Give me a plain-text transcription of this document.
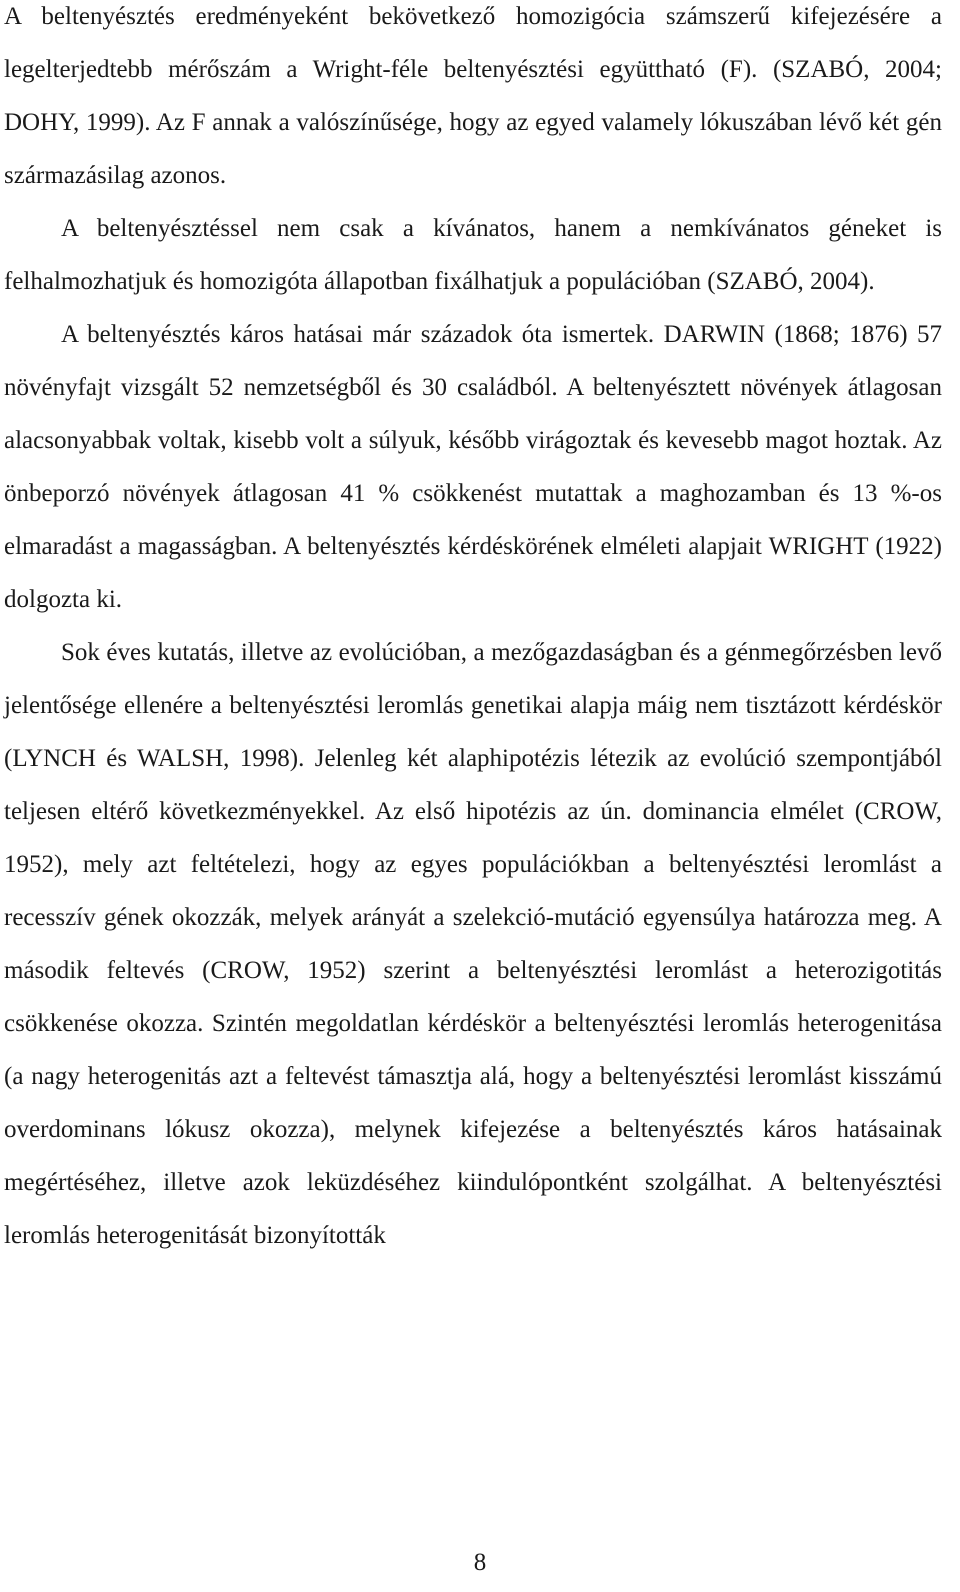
A beltenyésztés eredményeként bekövetkező homozigócia számszerű kifejezésére a legelterjedtebb mérőszám a Wright-féle beltenyésztési együttható (F). (SZABÓ, 2004; DOHY, 1999). Az F annak a valószínűsége, hogy az egyed valamely lókuszában lévő két gén származásilag azonos.

A beltenyésztéssel nem csak a kívánatos, hanem a nemkívánatos géneket is felhalmozhatjuk és homozigóta állapotban fixálhatjuk a populációban (SZABÓ, 2004).

A beltenyésztés káros hatásai már századok óta ismertek. DARWIN (1868; 1876) 57 növényfajt vizsgált 52 nemzetségből és 30 családból. A beltenyésztett növények átlagosan alacsonyabbak voltak, kisebb volt a súlyuk, később virágoztak és kevesebb magot hoztak. Az önbeporzó növények átlagosan 41 % csökkenést mutattak a maghozamban és 13 %-os elmaradást a magasságban. A beltenyésztés kérdéskörének elméleti alapjait WRIGHT (1922) dolgozta ki.

Sok éves kutatás, illetve az evolúcióban, a mezőgazdaságban és a génmegőrzésben levő jelentősége ellenére a beltenyésztési leromlás genetikai alapja máig nem tisztázott kérdéskör (LYNCH és WALSH, 1998). Jelenleg két alaphipotézis létezik az evolúció szempontjából teljesen eltérő következményekkel. Az első hipotézis az ún. dominancia elmélet (CROW, 1952), mely azt feltételezi, hogy az egyes populációkban a beltenyésztési leromlást a recesszív gének okozzák, melyek arányát a szelekció-mutáció egyensúlya határozza meg. A második feltevés (CROW, 1952) szerint a beltenyésztési leromlást a heterozigotitás csökkenése okozza. Szintén megoldatlan kérdéskör a beltenyésztési leromlás heterogenitása (a nagy heterogenitás azt a feltevést támasztja alá, hogy a beltenyésztési leromlást kisszámú overdominans lókusz okozza), melynek kifejezése a beltenyésztés káros hatásainak megértéséhez, illetve azok leküzdéséhez kiindulópontként szolgálhat. A beltenyésztési leromlás heterogenitását bizonyították

8
